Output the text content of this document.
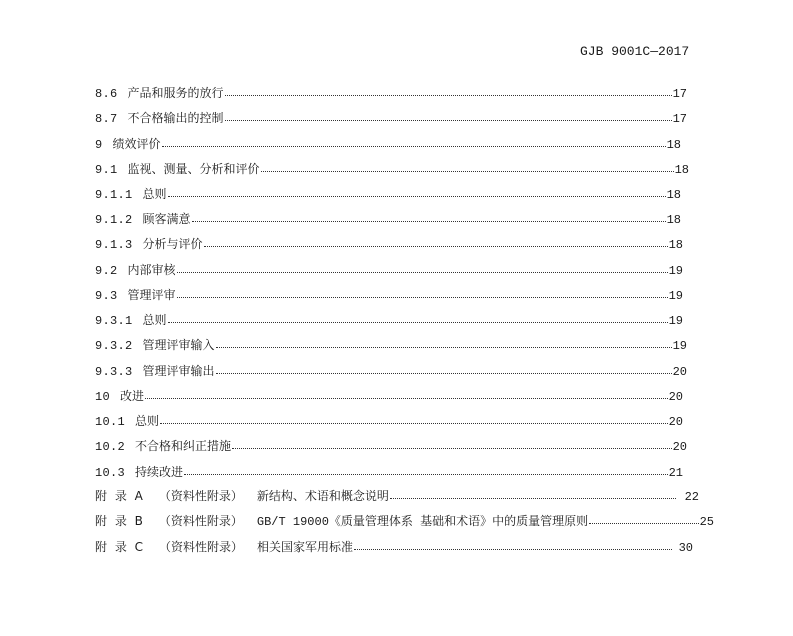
GJB 9001C—2017
8.6 产品和服务的放行	17
8.7 不合格输出的控制	17
9 绩效评价	18
9.1 监视、测量、分析和评价	18
9.1.1 总则	18
9.1.2 顾客满意	18
9.1.3 分析与评价	18
9.2 内部审核	19
9.3 管理评审	19
9.3.1 总则	19
9.3.2 管理评审输入	19
9.3.3 管理评审输出	20
10 改进	20
10.1 总则	20
10.2 不合格和纠正措施	20
10.3 持续改进	21
附 录 A （资料性附录） 新结构、术语和概念说明	22
附 录 B （资料性附录） GB/T 19000《质量管理体系 基础和术语》中的质量管理原则	25
附 录 C （资料性附录） 相关国家军用标准	30
